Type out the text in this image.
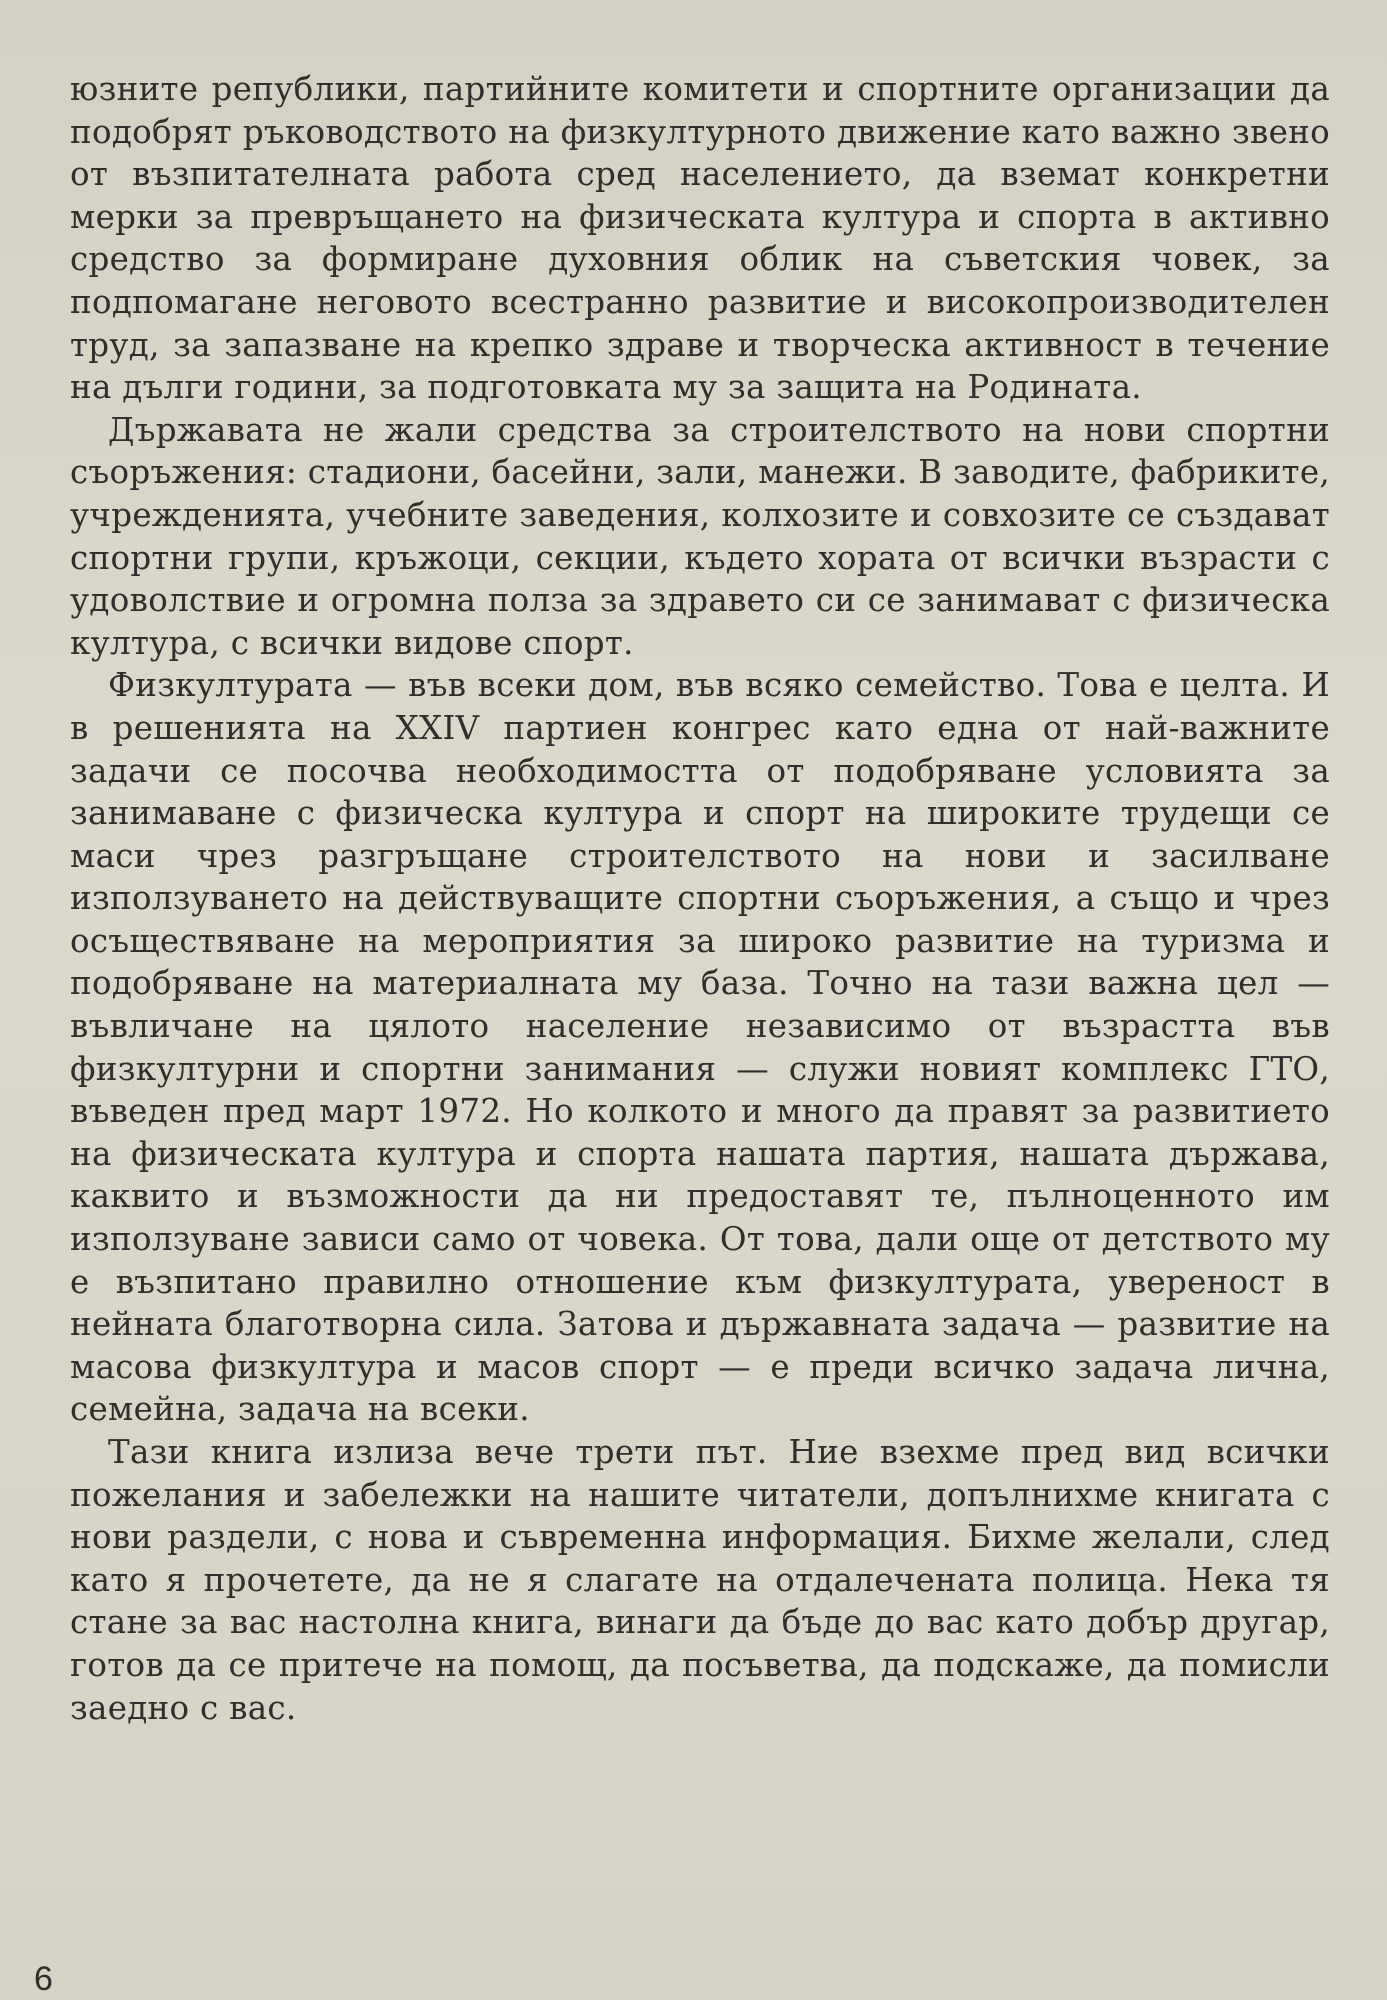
юзните републики, партийните комитети и спортните организации да подобрят ръководството на физкултурното движение като важно звено от възпитателната работа сред населението, да вземат конкретни мерки за превръщането на физическата култура и спорта в активно средство за формиране духовния облик на съветския човек, за подпомагане неговото всестранно развитие и високопроизводителен труд, за запазване на крепко здраве и творческа активност в течение на дълги години, за подготовката му за защита на Родината.

Държавата не жали средства за строителството на нови спортни съоръжения: стадиони, басейни, зали, манежи. В заводите, фабриките, учрежденията, учебните заведения, колхозите и совхозите се създават спортни групи, кръжоци, секции, където хората от всички възрасти с удоволствие и огромна полза за здравето си се занимават с физическа култура, с всички видове спорт.

Физкултурата — във всеки дом, във всяко семейство. Това е целта. И в решенията на XXIV партиен конгрес като една от най-важните задачи се посочва необходимостта от подобряване условията за занимаване с физическа култура и спорт на широките трудещи се маси чрез разгръщане строителството на нови и засилване използуването на действуващите спортни съоръжения, а също и чрез осъществяване на мероприятия за широко развитие на туризма и подобряване на материалната му база. Точно на тази важна цел — въвличане на цялото население независимо от възрастта във физкултурни и спортни занимания — служи новият комплекс ГТО, въведен пред март 1972. Но колкото и много да правят за развитието на физическата култура и спорта нашата партия, нашата държава, каквито и възможности да ни предоставят те, пълноценното им използуване зависи само от човека. От това, дали още от детството му е възпитано правилно отношение към физкултурата, увереност в нейната благотворна сила. Затова и държавната задача — развитие на масова физкултура и масов спорт — е преди всичко задача лична, семейна, задача на всеки.

Тази книга излиза вече трети път. Ние взехме пред вид всички пожелания и забележки на нашите читатели, допълнихме книгата с нови раздели, с нова и съвременна информация. Бихме желали, след като я прочетете, да не я слагате на отдалечената полица. Нека тя стане за вас настолна книга, винаги да бъде до вас като добър другар, готов да се притече на помощ, да посъветва, да подскаже, да помисли заедно с вас.

6
